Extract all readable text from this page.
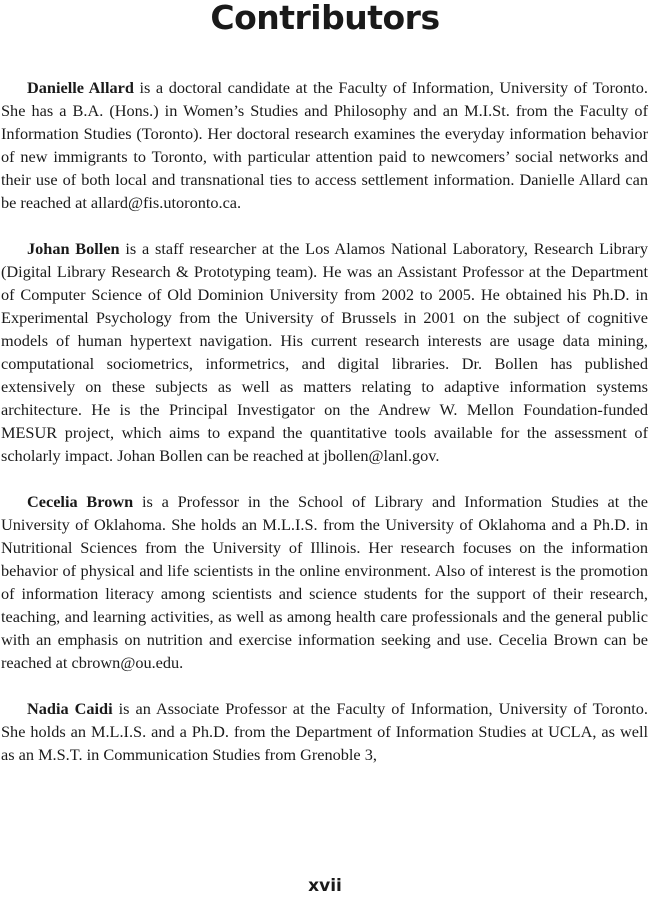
Contributors

Danielle Allard is a doctoral candidate at the Faculty of Information, University of Toronto. She has a B.A. (Hons.) in Women’s Studies and Philosophy and an M.I.St. from the Faculty of Information Studies (Toronto). Her doctoral research examines the everyday information behavior of new immigrants to Toronto, with particular attention paid to newcomers’ social networks and their use of both local and transnational ties to access settlement information. Danielle Allard can be reached at allard@fis.utoronto.ca.

Johan Bollen is a staff researcher at the Los Alamos National Laboratory, Research Library (Digital Library Research & Prototyping team). He was an Assistant Professor at the Department of Computer Science of Old Dominion University from 2002 to 2005. He obtained his Ph.D. in Experimental Psychology from the University of Brussels in 2001 on the subject of cognitive models of human hypertext navigation. His current research interests are usage data mining, computational sociometrics, informetrics, and digital libraries. Dr. Bollen has published extensively on these subjects as well as matters relating to adaptive information systems architecture. He is the Principal Investigator on the Andrew W. Mellon Foundation-funded MESUR project, which aims to expand the quantitative tools available for the assessment of scholarly impact. Johan Bollen can be reached at jbollen@lanl.gov.

Cecelia Brown is a Professor in the School of Library and Information Studies at the University of Oklahoma. She holds an M.L.I.S. from the University of Oklahoma and a Ph.D. in Nutritional Sciences from the University of Illinois. Her research focuses on the information behavior of physical and life scientists in the online environment. Also of interest is the promotion of information literacy among scientists and science students for the support of their research, teaching, and learning activities, as well as among health care professionals and the general public with an emphasis on nutrition and exercise information seeking and use. Cecelia Brown can be reached at cbrown@ou.edu.

Nadia Caidi is an Associate Professor at the Faculty of Information, University of Toronto. She holds an M.L.I.S. and a Ph.D. from the Department of Information Studies at UCLA, as well as an M.S.T. in Communication Studies from Grenoble 3,

xvii
